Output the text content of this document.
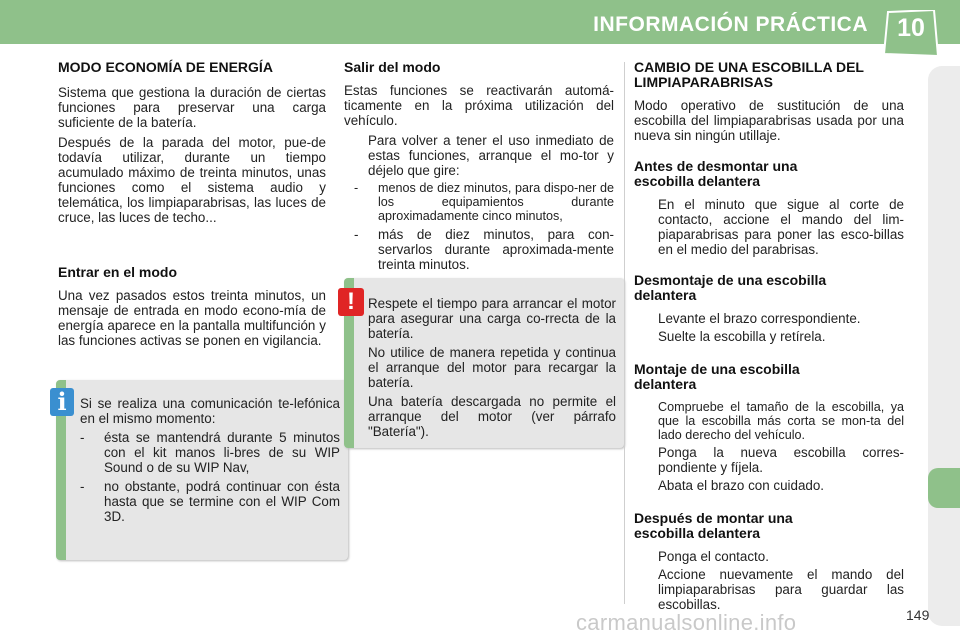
INFORMACIÓN PRÁCTICA	10
MODO ECONOMÍA DE ENERGÍA

Sistema que gestiona la duración de ciertas funciones para preservar una carga suficiente de la batería.

Después de la parada del motor, pue-de todavía utilizar, durante un tiempo acumulado máximo de treinta minutos, unas funciones como el sistema audio y telemática, los limpiaparabrisas, las luces de cruce, las luces de techo...

Entrar en el modo

Una vez pasados estos treinta minutos, un mensaje de entrada en modo econo-mía de energía aparece en la pantalla multifunción y las funciones activas se ponen en vigilancia.

Si se realiza una comunicación te-lefónica en el mismo momento:

- ésta se mantendrá durante 5 minutos con el kit manos li-bres de su WIP Sound o de su WIP Nav,
- no obstante, podrá continuar con ésta hasta que se termine con el WIP Com 3D.
i
Salir del modo

Estas funciones se reactivarán automá-ticamente en la próxima utilización del vehículo.

Para volver a tener el uso inmediato de estas funciones, arranque el mo-tor y déjelo que gire:
- menos de diez minutos, para dispo-ner de los equipamientos durante aproximadamente cinco minutos,
- más de diez minutos, para con-servarlos durante aproximada-mente treinta minutos.

Respete el tiempo para arrancar el motor para asegurar una carga co-rrecta de la batería.

No utilice de manera repetida y continua el arranque del motor para recargar la batería.

Una batería descargada no permite el arranque del motor (ver párrafo "Batería").

!
CAMBIO DE UNA ESCOBILLA DEL LIMPIAPARABRISAS

Modo operativo de sustitución de una escobilla del limpiaparabrisas usada por una nueva sin ningún utillaje.

Antes de desmontar una escobilla delantera
En el minuto que sigue al corte de contacto, accione el mando del lim-piaparabrisas para poner las esco-billas en el medio del parabrisas.
Desmontaje de una escobilla delantera
Levante el brazo correspondiente.
Suelte la escobilla y retírela.
Montaje de una escobilla delantera
Compruebe el tamaño de la escobilla, ya que la escobilla más corta se mon-ta del lado derecho del vehículo.
Ponga la nueva escobilla corres-pondiente y fíjela.
Abata el brazo con cuidado.
Después de montar una escobilla delantera
Ponga el contacto.
Accione nuevamente el mando del limpiaparabrisas para guardar las escobillas.
carmanualsonline.info	149
